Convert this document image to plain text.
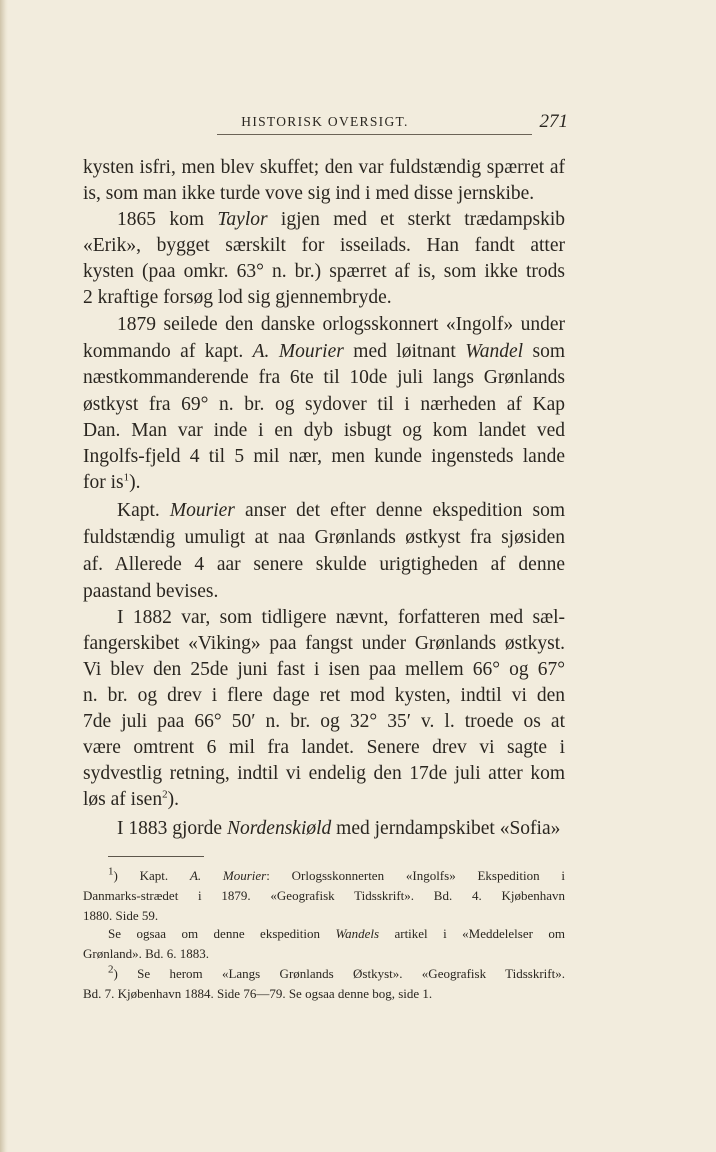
HISTORISK OVERSIGT.	271
kysten isfri, men blev skuffet; den var fuldstændig spærret af
is, som man ikke turde vove sig ind i med disse jernskibe.
1865 kom Taylor igjen med et sterkt trædampskib
«Erik», bygget særskilt for isseilads. Han fandt atter
kysten (paa omkr. 63° n. br.) spærret af is, som ikke trods
2 kraftige forsøg lod sig gjennembryde.
1879 seilede den danske orlogsskonnert «Ingolf» under
kommando af kapt. A. Mourier med løitnant Wandel som
næstkommanderende fra 6te til 10de juli langs Grønlands
østkyst fra 69° n. br. og sydover til i nærheden af Kap
Dan. Man var inde i en dyb isbugt og kom landet ved
Ingolfs-fjeld 4 til 5 mil nær, men kunde ingensteds lande
for $is^1$).
Kapt. Mourier anser det efter denne ekspedition som
fuldstændig umuligt at naa Grønlands østkyst fra sjøsiden
af. Allerede 4 aar senere skulde urigtigheden af denne
paastand bevises.
I 1882 var, som tidligere nævnt, forfatteren med sæl-
fangerskibet «Viking» paa fangst under Grønlands østkyst.
Vi blev den 25de juni fast i isen paa mellem 66° og 67°
n. br. og drev i flere dage ret mod kysten, indtil vi den
7de juli paa 66° 50′ n. br. og 32° 35′ v. l. troede os at
være omtrent 6 mil fra landet. Senere drev vi sagte i
sydvestlig retning, indtil vi endelig den 17de juli atter kom
løs af isen$^2$).
I 1883 gjorde Nordenskiøld med jerndampskibet «Sofia»
$^1$) Kapt. A. Mourier: Orlogsskonnerten «Ingolfs» Ekspedition i
Danmarks-strædet i 1879. «Geografisk Tidsskrift». Bd. 4. Kjøbenhavn
1880. Side 59.
Se ogsaa om denne ekspedition Wandels artikel i «Meddelelser om
Grønland». Bd. 6. 1883.
$^2$) Se herom «Langs Grønlands Østkyst». «Geografisk Tidsskrift».
Bd. 7. Kjøbenhavn 1884. Side 76—79. Se ogsaa denne bog, side 1.
